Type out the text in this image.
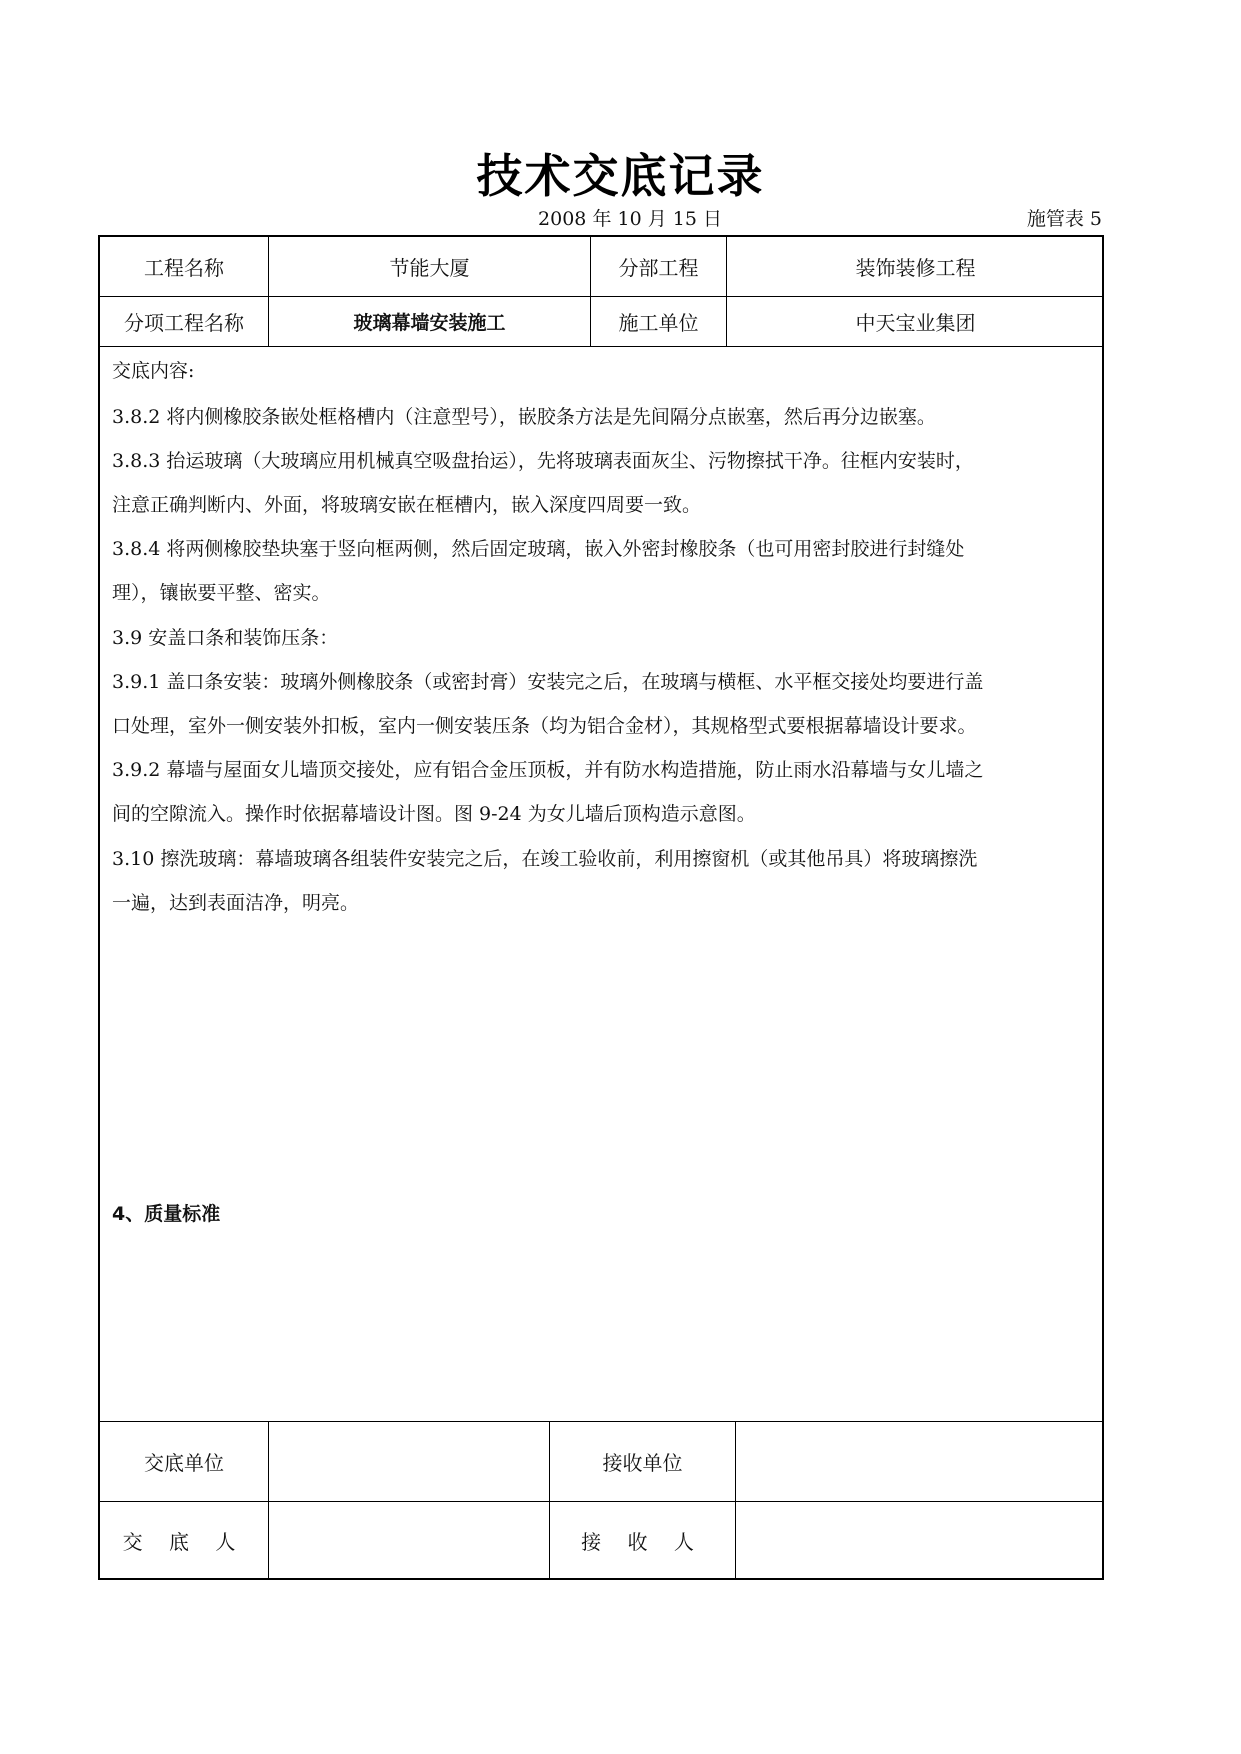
技术交底记录
2008 年 10 月 15 日	施管表 5
工程名称	节能大厦	分部工程	装饰装修工程
分项工程名称	玻璃幕墙安装施工	施工单位	中天宝业集团

交底内容:

3.8.2 将内侧橡胶条嵌处框格槽内（注意型号），嵌胶条方法是先间隔分点嵌塞，然后再分边嵌塞。

3.8.3 抬运玻璃（大玻璃应用机械真空吸盘抬运），先将玻璃表面灰尘、污物擦拭干净。往框内安装时，

注意正确判断内、外面，将玻璃安嵌在框槽内，嵌入深度四周要一致。

3.8.4 将两侧橡胶垫块塞于竖向框两侧，然后固定玻璃，嵌入外密封橡胶条（也可用密封胶进行封缝处

理），镶嵌要平整、密实。

3.9 安盖口条和装饰压条：

3.9.1 盖口条安装：玻璃外侧橡胶条（或密封膏）安装完之后，在玻璃与横框、水平框交接处均要进行盖

口处理，室外一侧安装外扣板，室内一侧安装压条（均为铝合金材），其规格型式要根据幕墙设计要求。

3.9.2 幕墙与屋面女儿墙顶交接处，应有铝合金压顶板，并有防水构造措施，防止雨水沿幕墙与女儿墙之

间的空隙流入。操作时依据幕墙设计图。图 9-24 为女儿墙后顶构造示意图。

3.10 擦洗玻璃：幕墙玻璃各组装件安装完之后，在竣工验收前，利用擦窗机（或其他吊具）将玻璃擦洗

一遍，达到表面洁净，明亮。

4、质量标准
交底单位	接收单位
交 底 人	接 收 人
